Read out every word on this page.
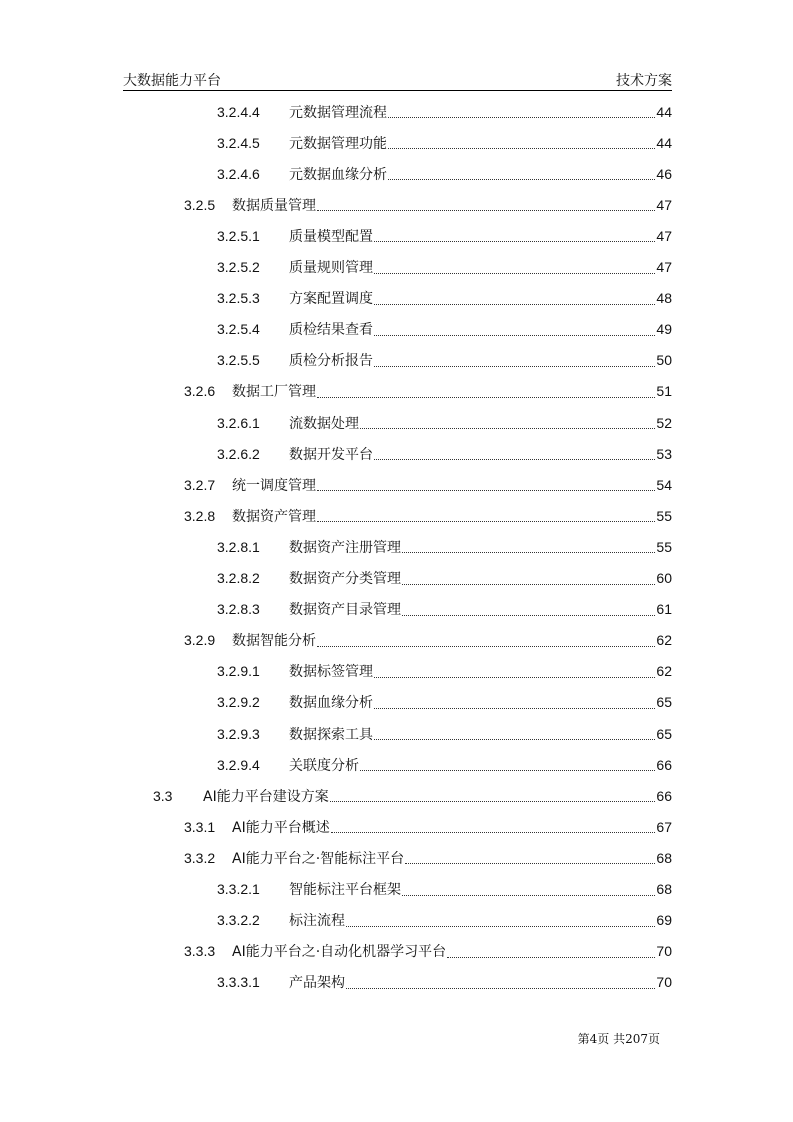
大数据能力平台	技术方案
3.2.4.4	元数据管理流程	44
3.2.4.5	元数据管理功能	44
3.2.4.6	元数据血缘分析	46
3.2.5	数据质量管理	47
3.2.5.1	质量模型配置	47
3.2.5.2	质量规则管理	47
3.2.5.3	方案配置调度	48
3.2.5.4	质检结果查看	49
3.2.5.5	质检分析报告	50
3.2.6	数据工厂管理	51
3.2.6.1	流数据处理	52
3.2.6.2	数据开发平台	53
3.2.7	统一调度管理	54
3.2.8	数据资产管理	55
3.2.8.1	数据资产注册管理	55
3.2.8.2	数据资产分类管理	60
3.2.8.3	数据资产目录管理	61
3.2.9	数据智能分析	62
3.2.9.1	数据标签管理	62
3.2.9.2	数据血缘分析	65
3.2.9.3	数据探索工具	65
3.2.9.4	关联度分析	66
3.3	AI能力平台建设方案	66
3.3.1	AI能力平台概述	67
3.3.2	AI能力平台之·智能标注平台	68
3.3.2.1	智能标注平台框架	68
3.3.2.2	标注流程	69
3.3.3	AI能力平台之·自动化机器学习平台	70
3.3.3.1	产品架构	70
第4页 共207页
